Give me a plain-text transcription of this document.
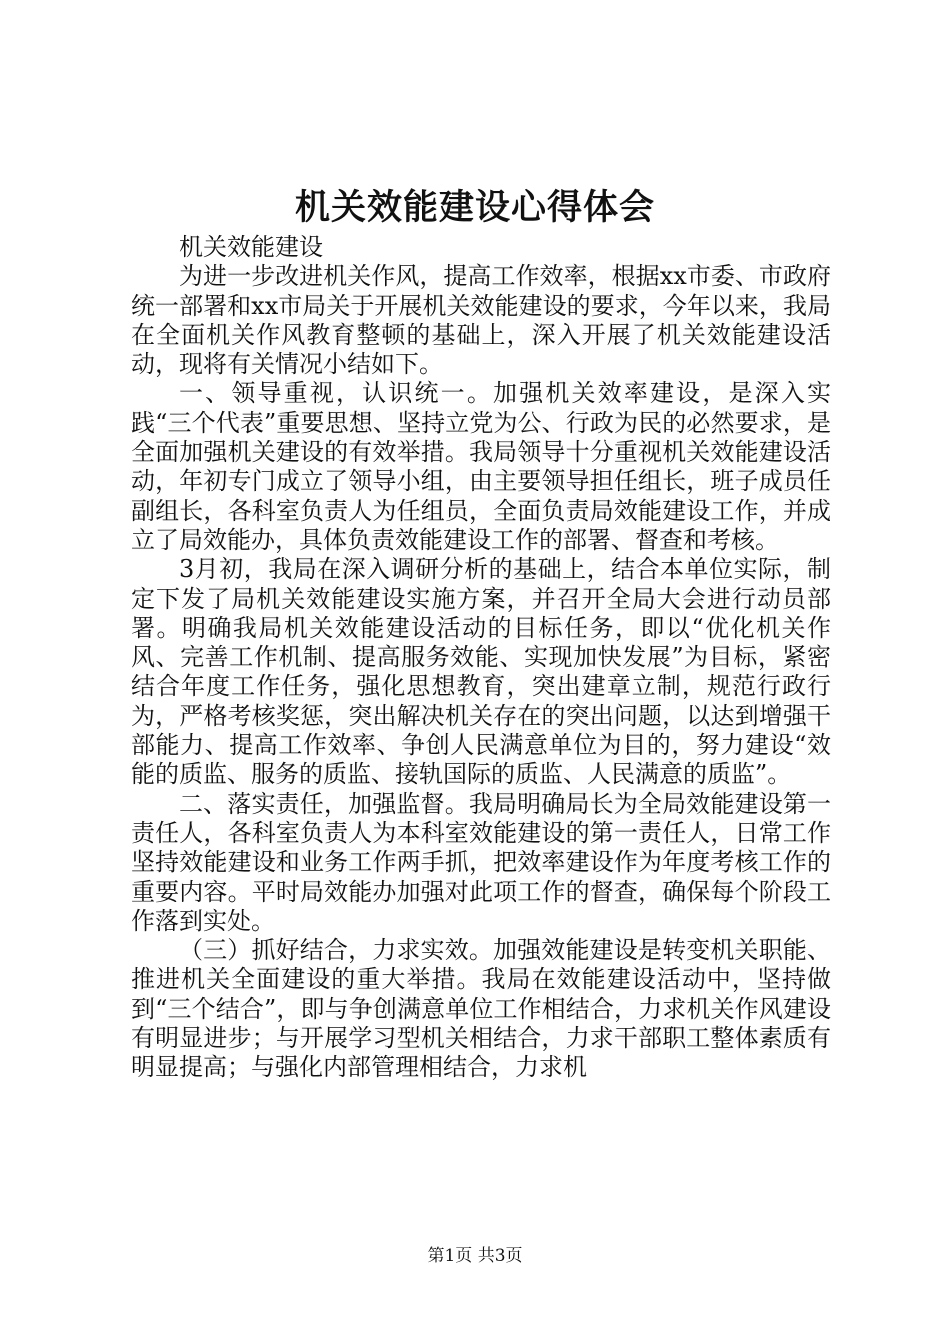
机关效能建设心得体会

机关效能建设

为进一步改进机关作风，提高工作效率，根据xx市委、市政府统一部署和xx市局关于开展机关效能建设的要求，今年以来，我局在全面机关作风教育整顿的基础上，深入开展了机关效能建设活动，现将有关情况小结如下。

一、领导重视，认识统一。加强机关效率建设，是深入实践“三个代表”重要思想、坚持立党为公、行政为民的必然要求，是全面加强机关建设的有效举措。我局领导十分重视机关效能建设活动，年初专门成立了领导小组，由主要领导担任组长，班子成员任副组长，各科室负责人为任组员，全面负责局效能建设工作，并成立了局效能办，具体负责效能建设工作的部署、督查和考核。

3月初，我局在深入调研分析的基础上，结合本单位实际，制定下发了局机关效能建设实施方案，并召开全局大会进行动员部署。明确我局机关效能建设活动的目标任务，即以“优化机关作风、完善工作机制、提高服务效能、实现加快发展”为目标，紧密结合年度工作任务，强化思想教育，突出建章立制，规范行政行为，严格考核奖惩，突出解决机关存在的突出问题，以达到增强干部能力、提高工作效率、争创人民满意单位为目的，努力建设“效能的质监、服务的质监、接轨国际的质监、人民满意的质监”。

二、落实责任，加强监督。我局明确局长为全局效能建设第一责任人，各科室负责人为本科室效能建设的第一责任人，日常工作坚持效能建设和业务工作两手抓，把效率建设作为年度考核工作的重要内容。平时局效能办加强对此项工作的督查，确保每个阶段工作落到实处。

（三）抓好结合，力求实效。加强效能建设是转变机关职能、推进机关全面建设的重大举措。我局在效能建设活动中，坚持做到“三个结合”，即与争创满意单位工作相结合，力求机关作风建设有明显进步；与开展学习型机关相结合，力求干部职工整体素质有明显提高；与强化内部管理相结合，力求机

第1页 共3页
